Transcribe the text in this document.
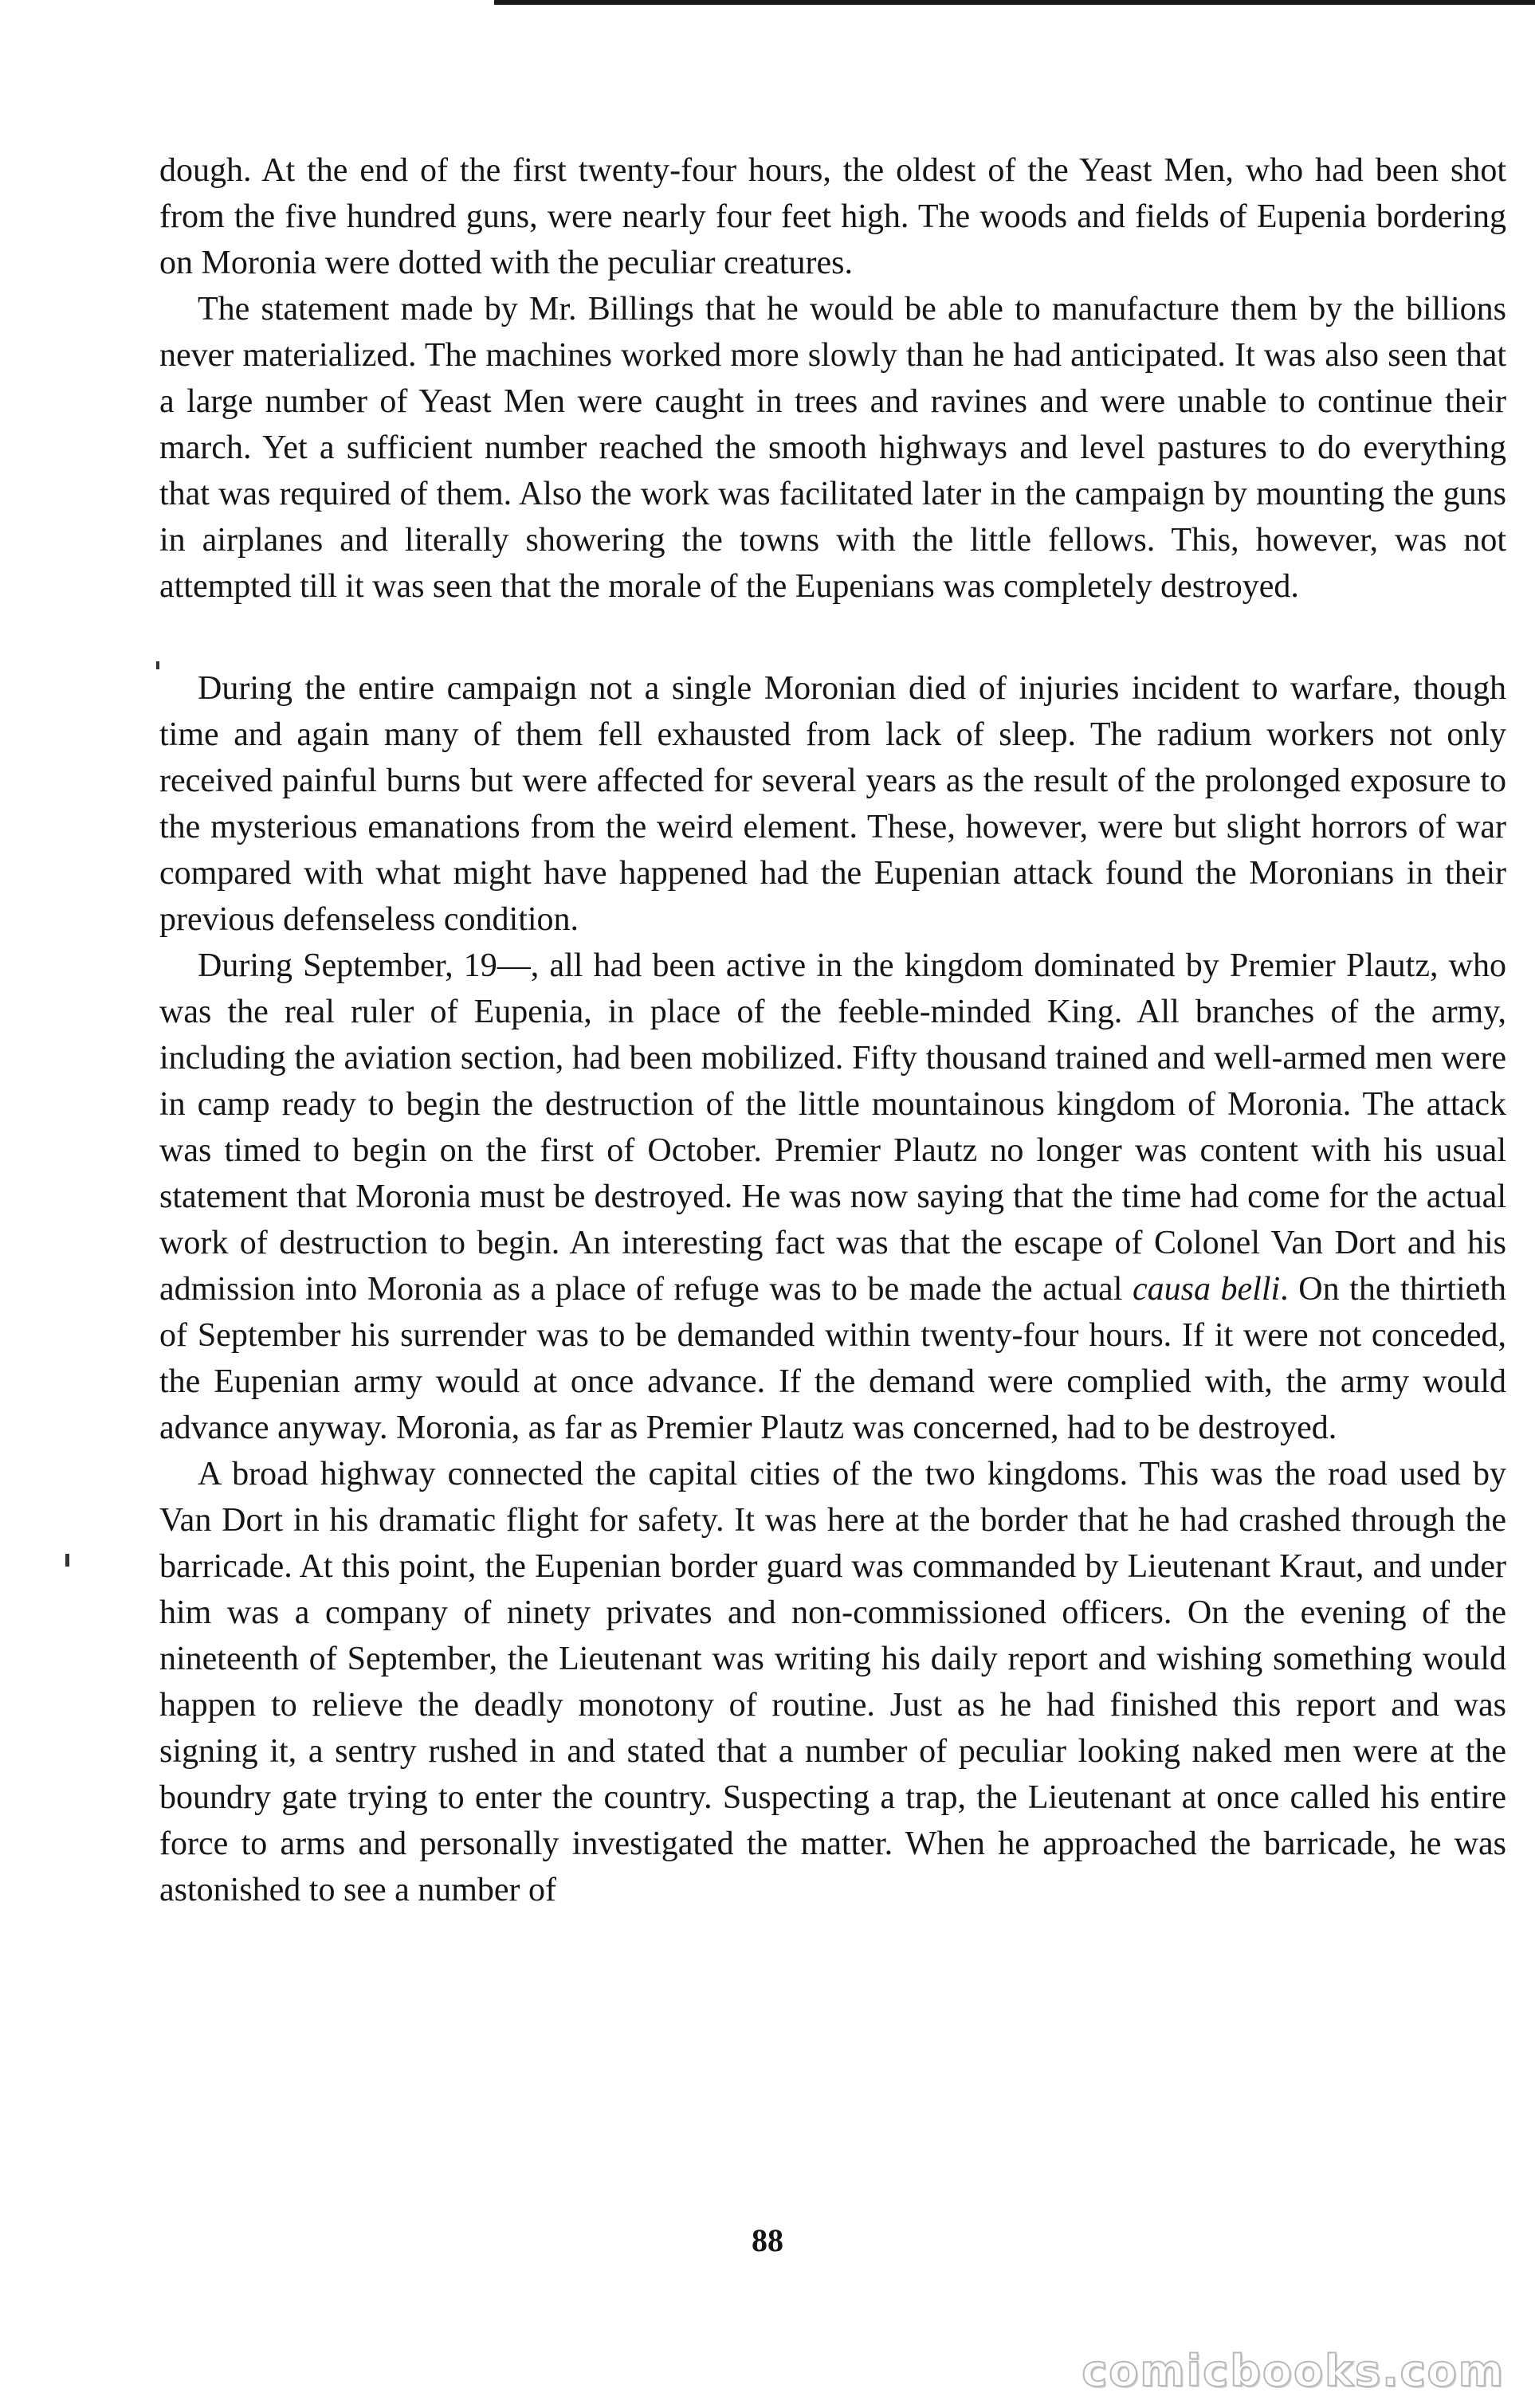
dough. At the end of the first twenty-four hours, the oldest of the Yeast Men, who had been shot from the five hundred guns, were nearly four feet high. The woods and fields of Eupenia bordering on Moronia were dotted with the peculiar creatures.

The statement made by Mr. Billings that he would be able to manufacture them by the billions never materialized. The machines worked more slowly than he had anticipated. It was also seen that a large number of Yeast Men were caught in trees and ravines and were unable to continue their march. Yet a sufficient number reached the smooth highways and level pastures to do everything that was required of them. Also the work was facilitated later in the campaign by mounting the guns in airplanes and literally showering the towns with the little fellows. This, however, was not attempted till it was seen that the morale of the Eupenians was completely destroyed.

During the entire campaign not a single Moronian died of injuries incident to warfare, though time and again many of them fell exhausted from lack of sleep. The radium workers not only received painful burns but were affected for several years as the result of the prolonged exposure to the mysterious emanations from the weird element. These, however, were but slight horrors of war compared with what might have happened had the Eupenian attack found the Moronians in their previous defenseless condition.

During September, 19—, all had been active in the kingdom dominated by Premier Plautz, who was the real ruler of Eupenia, in place of the feeble-minded King. All branches of the army, including the aviation section, had been mobilized. Fifty thousand trained and well-armed men were in camp ready to begin the destruction of the little mountainous kingdom of Moronia. The attack was timed to begin on the first of October. Premier Plautz no longer was content with his usual statement that Moronia must be destroyed. He was now saying that the time had come for the actual work of destruction to begin. An interesting fact was that the escape of Colonel Van Dort and his admission into Moronia as a place of refuge was to be made the actual causa belli. On the thirtieth of September his surrender was to be demanded within twenty-four hours. If it were not conceded, the Eupenian army would at once advance. If the demand were complied with, the army would advance anyway. Moronia, as far as Premier Plautz was concerned, had to be destroyed.

A broad highway connected the capital cities of the two kingdoms. This was the road used by Van Dort in his dramatic flight for safety. It was here at the border that he had crashed through the barricade. At this point, the Eupenian border guard was commanded by Lieutenant Kraut, and under him was a company of ninety privates and non-commissioned officers. On the evening of the nineteenth of September, the Lieutenant was writing his daily report and wishing something would happen to relieve the deadly monotony of routine. Just as he had finished this report and was signing it, a sentry rushed in and stated that a number of peculiar looking naked men were at the boundry gate trying to enter the country. Suspecting a trap, the Lieutenant at once called his entire force to arms and personally investigated the matter. When he approached the barricade, he was astonished to see a number of

88
comicbooks.com
